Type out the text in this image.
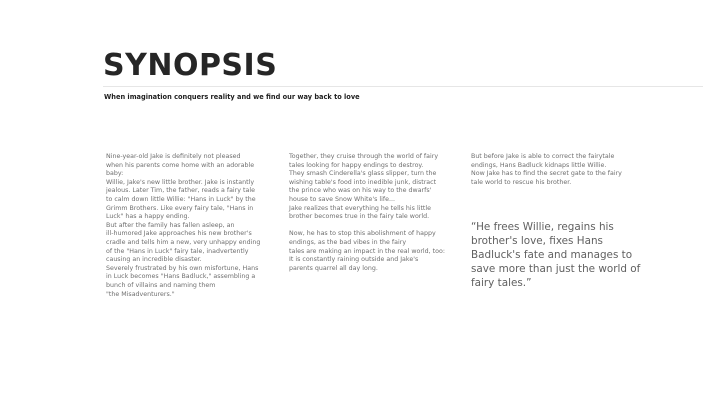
SYNOPSIS
When imagination conquers reality and we find our way back to love

Nine-year-old Jake is definitely not pleased
when his parents come home with an adorable
baby:
Willie, Jake's new little brother. Jake is instantly
jealous. Later Tim, the father, reads a fairy tale
to calm down little Willie: "Hans in Luck" by the
Grimm Brothers. Like every fairy tale, "Hans in
Luck" has a happy ending.
But after the family has fallen asleep, an
ill-humored Jake approaches his new brother's
cradle and tells him a new, very unhappy ending
of the "Hans in Luck" fairy tale, inadvertently
causing an incredible disaster.
Severely frustrated by his own misfortune, Hans
in Luck becomes "Hans Badluck," assembling a
bunch of villains and naming them
"the Misadventurers."

Together, they cruise through the world of fairy
tales looking for happy endings to destroy.
They smash Cinderella's glass slipper, turn the
wishing table's food into inedible junk, distract
the prince who was on his way to the dwarfs'
house to save Snow White's life...
Jake realizes that everything he tells his little
brother becomes true in the fairy tale world.

Now, he has to stop this abolishment of happy
endings, as the bad vibes in the fairy
tales are making an impact in the real world, too:
It is constantly raining outside and Jake's
parents quarrel all day long.

But before Jake is able to correct the fairytale
endings, Hans Badluck kidnaps little Willie.
Now Jake has to find the secret gate to the fairy
tale world to rescue his brother.

“He frees Willie, regains his
brother's love, fixes Hans
Badluck's fate and manages to
save more than just the world of
fairy tales.”
